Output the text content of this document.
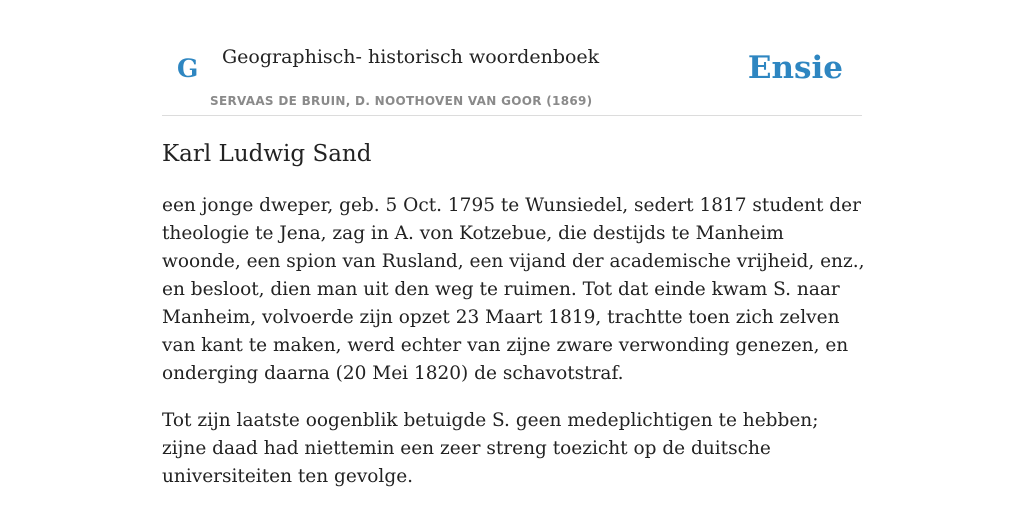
G Geographisch- historisch woordenboek
SERVAAS DE BRUIN, D. NOOTHOVEN VAN GOOR (1869)
Ensie
Karl Ludwig Sand

een jonge dweper, geb. 5 Oct. 1795 te Wunsiedel, sedert 1817 student der theologie te Jena, zag in A. von Kotzebue, die destijds te Manheim woonde, een spion van Rusland, een vijand der academische vrijheid, enz., en besloot, dien man uit den weg te ruimen. Tot dat einde kwam S. naar Manheim, volvoerde zijn opzet 23 Maart 1819, trachtte toen zich zelven van kant te maken, werd echter van zijne zware verwonding genezen, en onderging daarna (20 Mei 1820) de schavotstraf.

Tot zijn laatste oogenblik betuigde S. geen medeplichtigen te hebben; zijne daad had niettemin een zeer streng toezicht op de duitsche universiteiten ten gevolge.
